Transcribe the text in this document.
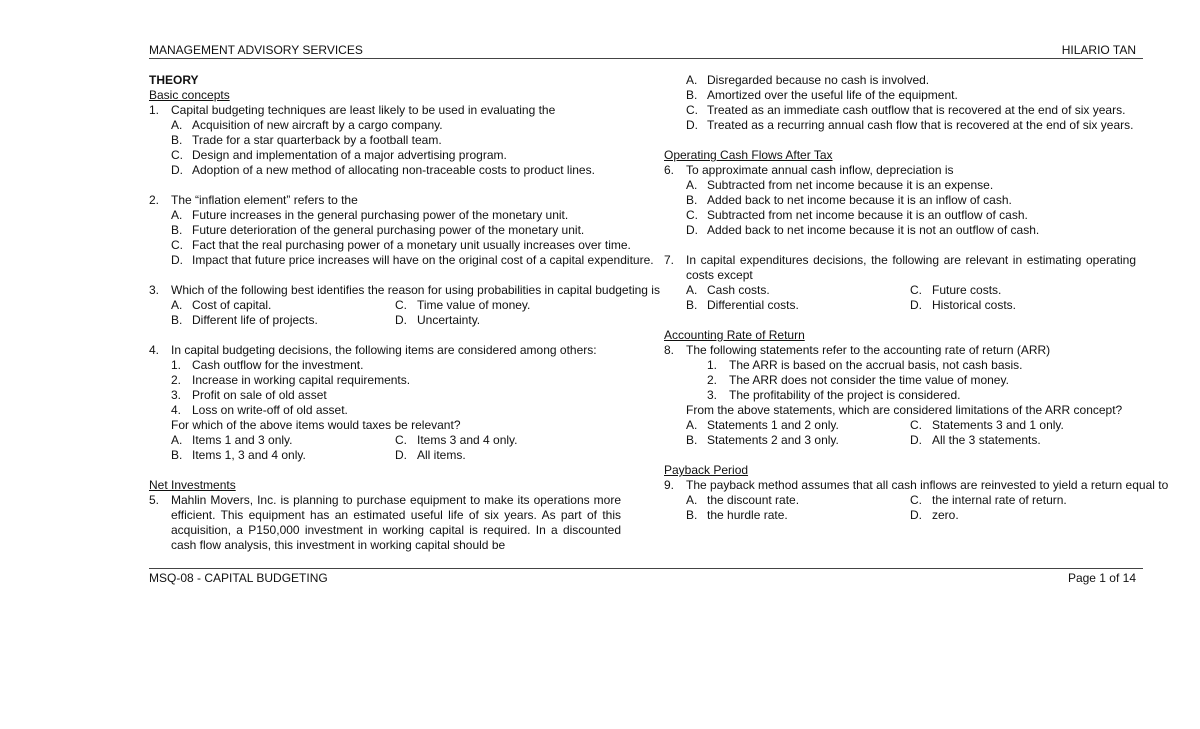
MANAGEMENT ADVISORY SERVICES	HILARIO TAN
THEORY
Basic concepts
1. Capital budgeting techniques are least likely to be used in evaluating the
A. Acquisition of new aircraft by a cargo company.
B. Trade for a star quarterback by a football team.
C. Design and implementation of a major advertising program.
D. Adoption of a new method of allocating non-traceable costs to product lines.
2. The “inflation element” refers to the
A. Future increases in the general purchasing power of the monetary unit.
B. Future deterioration of the general purchasing power of the monetary unit.
C. Fact that the real purchasing power of a monetary unit usually increases over time.
D. Impact that future price increases will have on the original cost of a capital expenditure.
3. Which of the following best identifies the reason for using probabilities in capital budgeting is
A. Cost of capital.	C. Time value of money.
B. Different life of projects.	D. Uncertainty.
4. In capital budgeting decisions, the following items are considered among others:
1. Cash outflow for the investment.
2. Increase in working capital requirements.
3. Profit on sale of old asset
4. Loss on write-off of old asset.
For which of the above items would taxes be relevant?
A. Items 1 and 3 only.	C. Items 3 and 4 only.
B. Items 1, 3 and 4 only.	D. All items.
Net Investments
5. Mahlin Movers, Inc. is planning to purchase equipment to make its operations more efficient. This equipment has an estimated useful life of six years. As part of this acquisition, a P150,000 investment in working capital is required. In a discounted cash flow analysis, this investment in working capital should be
A. Disregarded because no cash is involved.
B. Amortized over the useful life of the equipment.
C. Treated as an immediate cash outflow that is recovered at the end of six years.
D. Treated as a recurring annual cash flow that is recovered at the end of six years.
Operating Cash Flows After Tax
6. To approximate annual cash inflow, depreciation is
A. Subtracted from net income because it is an expense.
B. Added back to net income because it is an inflow of cash.
C. Subtracted from net income because it is an outflow of cash.
D. Added back to net income because it is not an outflow of cash.
7. In capital expenditures decisions, the following are relevant in estimating operating costs except
A. Cash costs.	C. Future costs.
B. Differential costs.	D. Historical costs.
Accounting Rate of Return
8. The following statements refer to the accounting rate of return (ARR)
1. The ARR is based on the accrual basis, not cash basis.
2. The ARR does not consider the time value of money.
3. The profitability of the project is considered.
From the above statements, which are considered limitations of the ARR concept?
A. Statements 1 and 2 only.	C. Statements 3 and 1 only.
B. Statements 2 and 3 only.	D. All the 3 statements.
Payback Period
9. The payback method assumes that all cash inflows are reinvested to yield a return equal to
A. the discount rate.	C. the internal rate of return.
B. the hurdle rate.	D. zero.
MSQ-08 - CAPITAL BUDGETING	Page 1 of 14
